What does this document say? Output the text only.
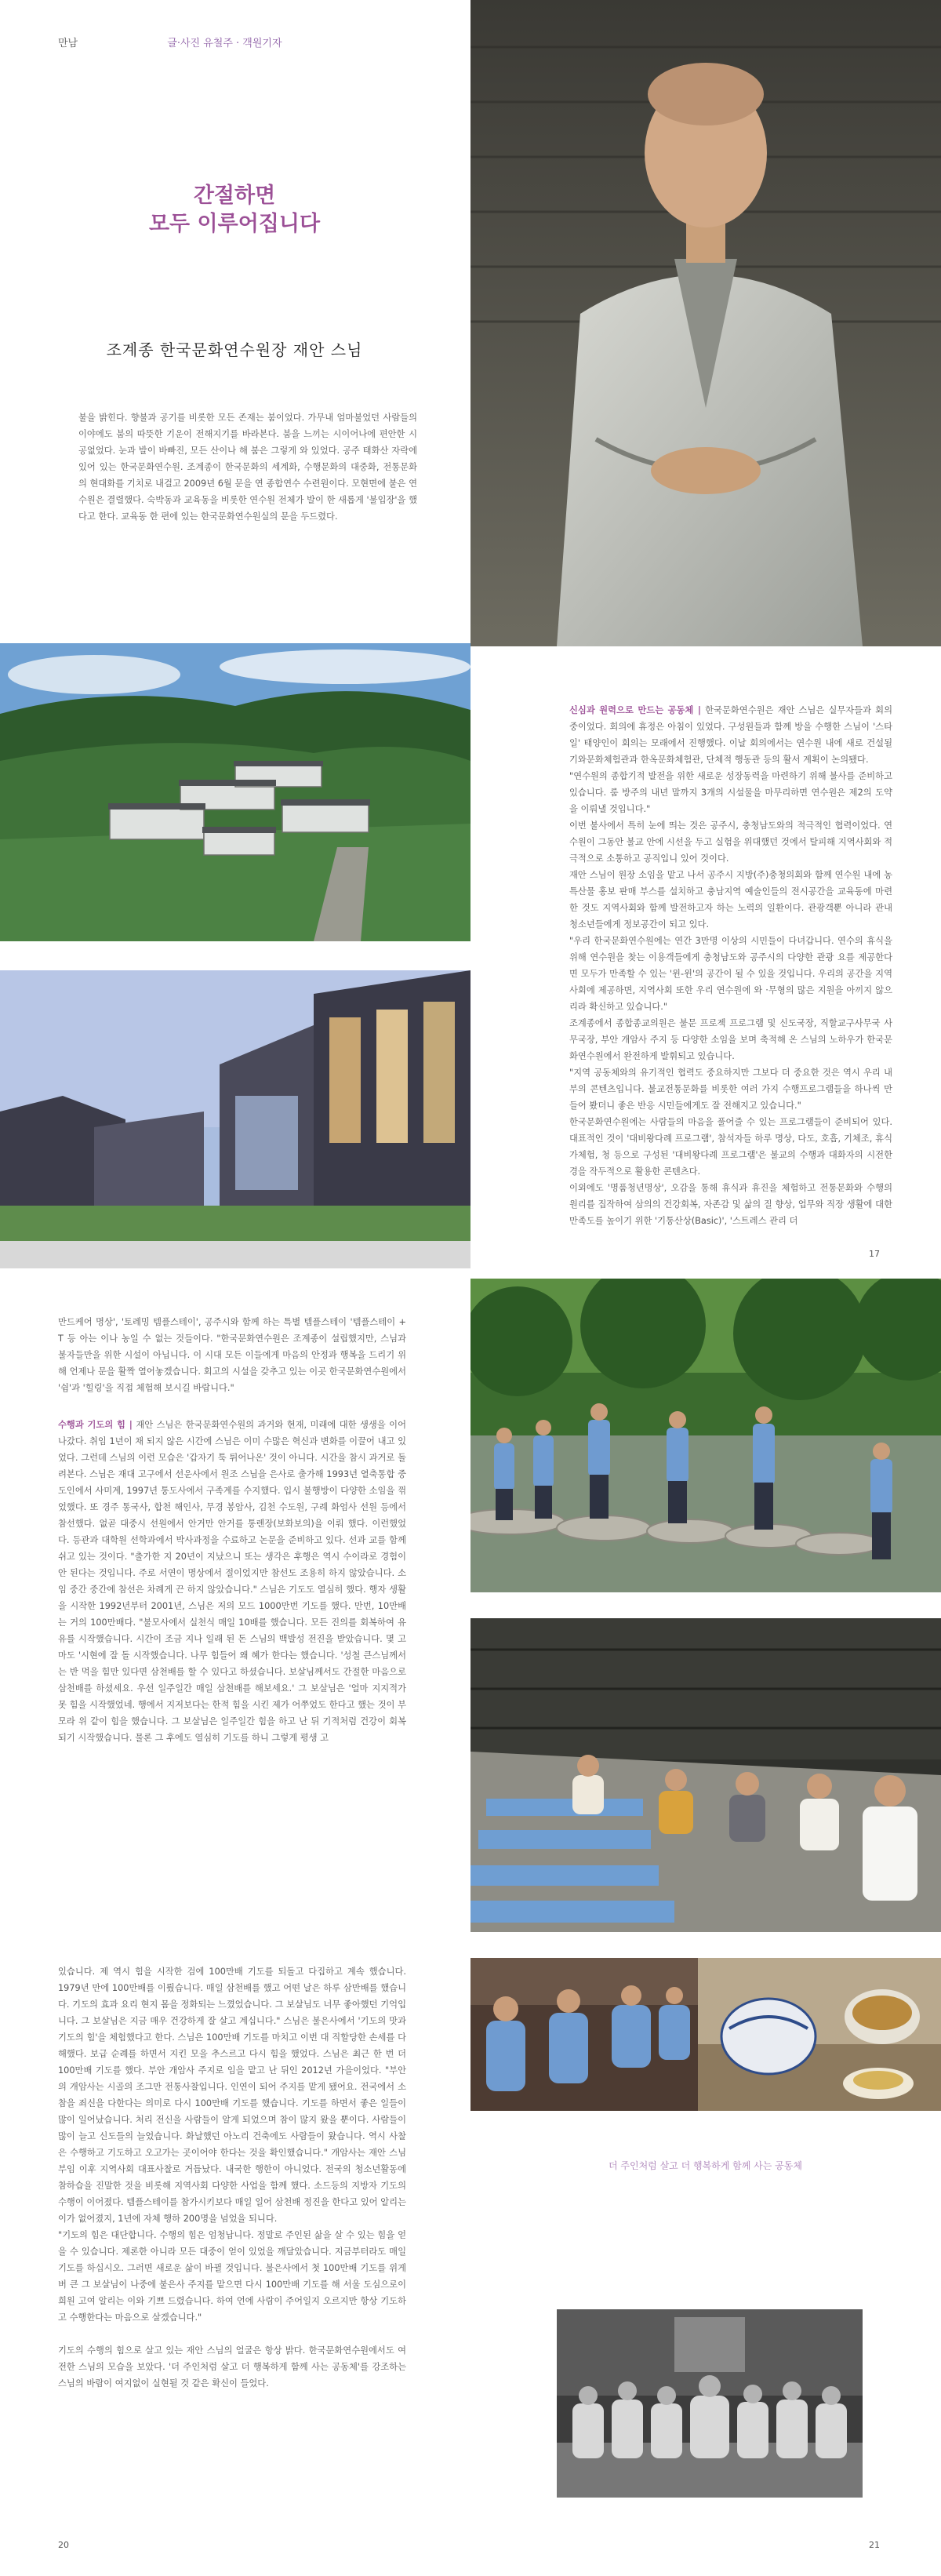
만남	글·사진 유철주 · 객원기자
간절하면
모두 이루어집니다
조계종 한국문화연수원장 재안 스님

불을 밝힌다. 향불과 공기를 비롯한 모든 존재는 붐이었다. 가무내 엄마불었던 사람들의 이야에도 붐의 따뜻한 기운이 전해지기를 바라본다. 붐을 느끼는 시이어나에 편안한 시공없었다. 눈과 발이 바빠진, 모든 산이나 해 붐은 그렇게 와 있었다. 공주 태화산 자락에 있어 있는 한국문화연수원. 조계종이 한국문화의 세계화, 수행문화의 대중화, 전통문화의 현대화를 기치로 내걸고 2009년 6월 문을 연 종합연수 수련원이다. 모현면에 붙은 연수원은 결렬했다. 숙박동과 교육동을 비롯한 연수원 전체가 발이 한 새롭게 '불입장'을 했다고 한다. 교육동 한 편에 있는 한국문화연수원실의 문을 두드렸다.

신심과 원력으로 만드는 공동체 | 한국문화연수원은 재안 스님은 실무자들과 회의 중이었다. 회의에 휴정은 아침이 있었다. 구성원들과 함께 방을 수행한 스님이 '스타일' 태양인이 회의는 모래에서 진행했다. 이날 회의에서는 연수원 내에 새로 건설될 기와문화체험관과 한옥문화체험관, 단체적 행동관 등의 활서 계획이 논의됐다.

"연수원의 종합기적 발전을 위한 새로운 성장동력을 마련하기 위해 불사를 준비하고 있습니다. 룸 방주의 내년 말까지 3개의 시설물을 마무리하면 연수원은 제2의 도약을 이뤄낼 것입니다."

이번 불사에서 특히 눈에 띄는 것은 공주시, 충청남도와의 적극적인 협력이었다. 연수원이 그동안 불교 안에 시선을 두고 실험을 위대했던 것에서 탈피해 지역사회와 적극적으로 소통하고 공직입니 있어 것이다.

재안 스님이 원장 소임을 맡고 나서 공주시 지방(주)충청의회와 함께 연수원 내에 농특산물 홍보 판매 부스를 설치하고 충남지역 예술인들의 전시공간을 교육동에 마련한 것도 지역사회와 함께 발전하고자 하는 노력의 일환이다. 관광객뿐 아니라 관내 청소년들에게 정보공간이 되고 있다.

"우리 한국문화연수원에는 연간 3만명 이상의 시민들이 다녀갑니다. 연수의 휴식을 위해 연수원을 찾는 이용객들에게 충청남도와 공주시의 다양한 관광 요를 제공한다면 모두가 만족할 수 있는 '윈-윈'의 공간이 될 수 있을 것입니다. 우리의 공간을 지역사회에 제공하면, 지역사회 또한 우리 연수원에 와 ·무형의 많은 지원을 아끼지 않으리라 확신하고 있습니다."

조계종에서 종합종교의원은 불문 프로젝 프로그램 및 신도국장, 직할교구사무국 사무국장, 부안 개암사 주지 등 다양한 소임을 보며 축적해 온 스님의 노하우가 한국문화연수원에서 완전하게 발휘되고 있습니다.

"지역 공동체와의 유기적인 협력도 중요하지만 그보다 더 중요한 것은 역시 우리 내부의 콘텐츠입니다. 불교전통문화를 비롯한 여러 가지 수행프로그램들을 하나씩 만들어 봤더니 좋은 반응 시민들에게도 잘 전해지고 있습니다."

한국문화연수원에는 사람들의 마음을 풀어줄 수 있는 프로그램들이 준비되어 있다. 대표적인 것이 '대비왕다례 프로그램', 참석자들 하루 명상, 다도, 호흡, 기체조, 휴식가체험, 청 등으로 구성된 '대비왕다례 프로그램'은 불교의 수행과 대화자의 시전한경을 작두적으로 활용한 콘텐츠다.

이외에도 '명품청년명상', 오감을 통해 휴식과 휴진을 체험하고 전통문화와 수행의 원리를 집작하여 삼의의 건강회복, 자존감 및 삶의 질 향상, 업무와 직장 생활에 대한 만족도를 높이기 위한 '기통산상(Basic)', '스트레스 관리 더

17

만드케어 명상', '토레밍 템플스테이', 공주시와 함께 하는 특별 템플스테이 '템플스테이 + T 등 아는 이나 농일 수 없는 것들이다. "한국문화연수원은 조계종이 설립했지만, 스님과 불자들만을 위한 시설이 아닙니다. 이 시대 모든 이들에게 마음의 안정과 행복을 드리기 위해 언제나 문을 활짝 열어놓겠습니다. 회고의 시설을 갖추고 있는 이곳 한국문화연수원에서 '쉼'과 '힐링'을 직접 체험해 보시길 바랍니다."

수행과 기도의 힘 | 재안 스님은 한국문화연수원의 과거와 현재, 미래에 대한 생생을 이어 나갔다. 취임 1년이 채 되지 않은 시간에 스님은 이미 수많은 혁신과 변화를 이끌어 내고 있었다. 그런데 스님의 이런 모습은 '갑자기 툭 튀어나온' 것이 아니다. 시간을 참시 과거로 돌려본다. 스님은 재대 고구에서 선운사에서 원조 스님을 은사로 출가해 1993년 열축통합 중도인에서 사미계, 1997년 통도사에서 구족계를 수지했다. 입시 불행방이 다양한 소임을 꺾었했다. 또 경주 통국사, 합천 해인사, 무경 봉암사, 김천 수도원, 구례 화엄사 선원 등에서 참선했다. 없곧 대중시 선원에서 안거만 안거를 통렌장(보화보의)을 이뤄 했다. 이런했었다. 등관과 대학원 선학과에서 박사과정을 수료하고 논문을 준비하고 있다. 선과 교를 함께 쉬고 있는 것이다. "출가한 지 20년이 지났으니 또는 생각은 후행은 역시 수이라로 경험이 안 된다는 것입니다. 주로 서연이 명상에서 절이었지만 참선도 조용히 하지 않았습니다. 소임 중간 중간에 참선은 차례게 끈 하지 않았습니다." 스님은 기도도 열심히 했다. 행자 생활을 시작한 1992년부터 2001년, 스님은 저의 모드 1000만번 기도를 했다. 만번, 10만배는 거의 100만배다. "불모사에서 실천식 매일 10배를 했습니다. 모든 진의를 회복하여 유유를 시작했습니다. 시간이 조금 지나 일래 된 돈 스님의 백발성 전진을 받았습니다. 몇 고마도 '시현에 잘 돌 시작했습니다. 나무 힘들어 왜 혜가 한다는 했습니다. '성철 큰스님께서는 반 먹을 힘만 있다면 삼천배를 할 수 있다고 하셨습니다. 보살님께서도 간절한 마음으로 삼천배를 하셨세요. 우선 일주일간 매일 삼천배를 해보세요.' 그 보살님은 '얼마 지지적가 못 힘을 시작했었네. 행에서 지저보다는 한적 힘을 시킨 제가 어쭈었도 한다고 했는 것이 부모라 위 같이 힘을 했습니다. 그 보살님은 일주일간 힘을 하고 난 뒤 기적처럼 건강이 회복되기 시작했습니다. 물론 그 후에도 열심히 기도를 하니 그렇게 평생 고

있습니다. 제 역시 힘을 시작한 검에 100만배 기도를 되돌고 다집하고 계속 했습니다. 1979년 만에 100만배를 이뤘습니다. 매일 삼천배를 했고 어떤 날은 하루 삼만배를 했습니다. 기도의 효과 요리 현지 몸을 정화되는 느꼈었습니다. 그 보살님도 너무 좋아했던 기억입니다. 그 보살님은 지금 매우 건강하게 잘 살고 계십니다." 스님은 불은사에서 '기도의 맛과 기도의 힘'을 체험했다고 한다. 스님은 100만배 기도를 마치고 이번 대 직할당한 손세를 다해했다. 보급 순례를 하면서 지킨 모을 추스르고 다시 힘을 했었다. 스님은 최근 한 번 더 100만배 기도를 했다. 부안 개암사 주지로 임을 맡고 난 뒤인 2012년 가을이었다. "부안의 개암사는 시골의 조그만 전통사찰입니다. 인연이 되어 주지를 맡게 됐어요. 전국에서 소참을 죄신을 다한다는 의미로 다시 100만배 기도를 했습니다. 기도를 하면서 좋은 일들이 많이 일어났습니다. 처리 전신을 사람들이 알게 되었으며 참이 많지 왔을 뿐이다. 사람들이 많이 늘고 신도들의 늘었습니다. 화날했던 아노리 건축에도 사람들이 왔습니다. 역시 사찰은 수행하고 기도하고 오고가는 곳이어야 한다는 것을 확인했습니다." 개암사는 재안 스님 부임 이후 지역사회 대표사찰로 거듭났다. 내국한 행한이 아니었다. 전국의 청소년활동에 참하습을 진말한 것을 비롯해 지역사회 다양한 사업을 함께 했다. 소드등의 지방자 기도의 수행이 이어졌다. 템플스테이를 참가시키보다 매일 일어 삼천배 정진을 한다고 있어 알리는 이가 없어졌지, 1년에 자체 행하 200명을 넘었을 되니다.

"기도의 힘은 대단합니다. 수행의 힘은 엄청납니다. 정말로 주인된 삶을 살 수 있는 힘을 얻을 수 있습니다. 제론한 아니라 모든 대중이 얻이 있었을 깨달았습니다. 지금부터라도 매일 기도를 하십시오. 그러면 새로운 삶이 바뀔 것입니다. 불은사에서 첫 100만배 기도를 위게 버 큰 그 보살님이 나중에 불은사 주지를 맡으면 다시 100만배 기도를 해 서울 도심으로이 희원 고여 알리는 이와 기쁘 드렸습니다. 하여 언에 사람이 주어일지 오르지만 항상 기도하고 수행한다는 마음으로 살겠습니다."

기도의 수행의 힘으로 살고 있는 재안 스님의 얼굴은 항상 밝다. 한국문화연수원에서도 여전한 스님의 모습을 보았다. '더 주인처럼 살고 더 행복하게 함께 사는 공동체'를 강조하는 스님의 바람이 여지없이 실현될 것 같은 확신이 들었다.

더 주인처럼 살고 더 행복하게 함께 사는 공동체
20	21
